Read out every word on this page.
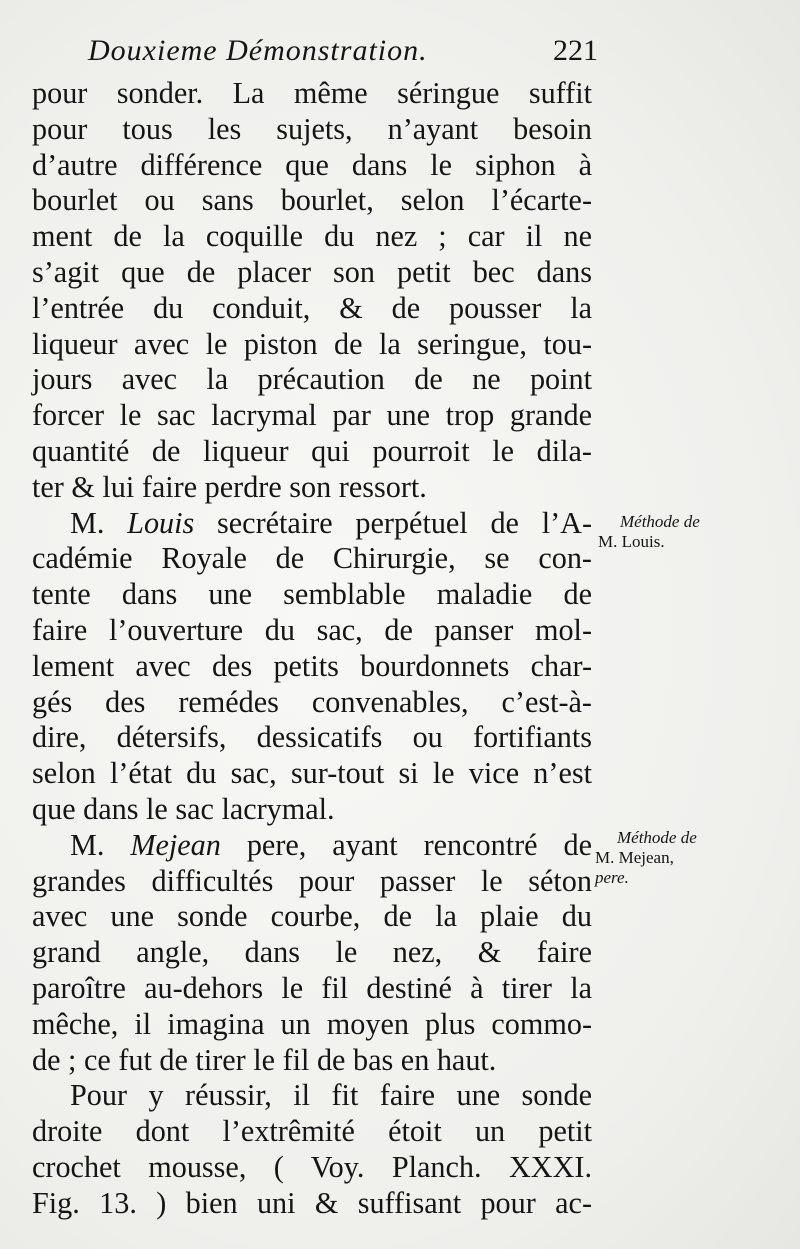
Douxieme Démonstration.	221
pour sonder. La même séringue suffit
pour tous les sujets, n’ayant besoin
d’autre différence que dans le siphon à
bourlet ou sans bourlet, selon l’écarte-
ment de la coquille du nez ; car il ne
s’agit que de placer son petit bec dans
l’entrée du conduit, & de pousser la
liqueur avec le piston de la seringue, tou-
jours avec la précaution de ne point
forcer le sac lacrymal par une trop grande
quantité de liqueur qui pourroit le dila-
ter & lui faire perdre son ressort.
M. Louis secrétaire perpétuel de l’A-
cadémie Royale de Chirurgie, se con-
tente dans une semblable maladie de
faire l’ouverture du sac, de panser mol-
lement avec des petits bourdonnets char-
gés des remédes convenables, c’est-à-
dire, détersifs, dessicatifs ou fortifiants
selon l’état du sac, sur-tout si le vice n’est
que dans le sac lacrymal.
M. Mejean pere, ayant rencontré de
grandes difficultés pour passer le séton
avec une sonde courbe, de la plaie du
grand angle, dans le nez, & faire
paroître au-dehors le fil destiné à tirer la
mêche, il imagina un moyen plus commo-
de ; ce fut de tirer le fil de bas en haut.
Pour y réussir, il fit faire une sonde
droite dont l’extrêmité étoit un petit
crochet mousse, ( Voy. Planch. XXXI.
Fig. 13. ) bien uni & suffisant pour ac-
Méthode de
M. Louis.
Méthode de
M. Mejean,
pere.
